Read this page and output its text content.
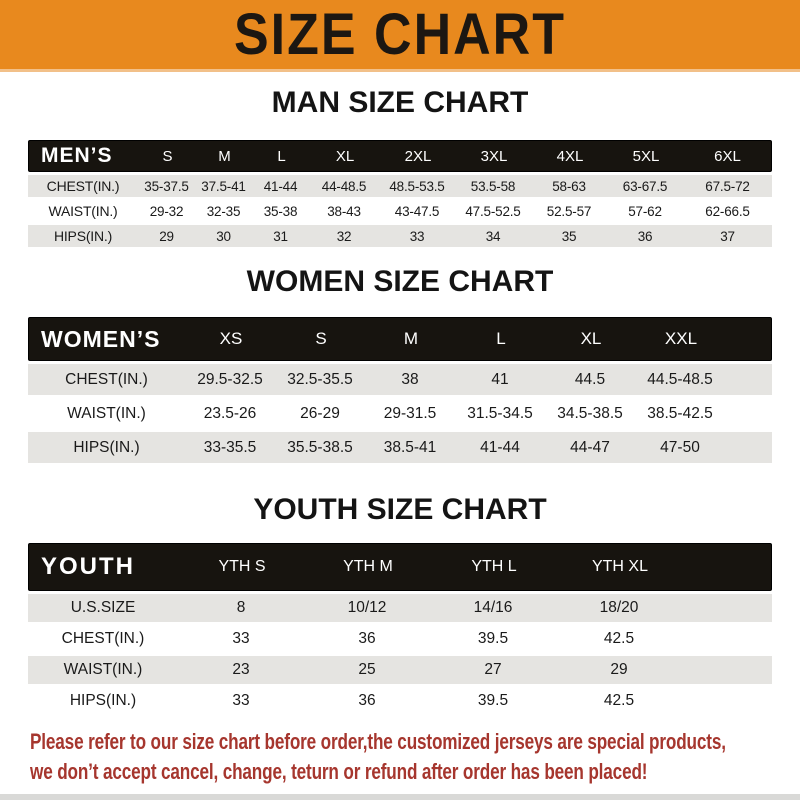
SIZE CHART
MAN SIZE CHART
MEN’S	S	M	L	XL	2XL	3XL	4XL	5XL	6XL
CHEST(IN.)	35-37.5 37.5-41	41-44	44-48.5	48.5-53.5	53.5-58	58-63	63-67.5	67.5-72
WAIST(IN.)	29-32	32-35	35-38	38-43	43-47.5	47.5-52.5	52.5-57	57-62	62-66.5
HIPS(IN.)	29	30	31	32	33	34	35	36	37
WOMEN SIZE CHART
WOMEN’S	XS	S	M	L	XL	XXL
CHEST(IN.)	29.5-32.5	32.5-35.5	38	41	44.5	44.5-48.5
WAIST(IN.)	23.5-26	26-29	29-31.5	31.5-34.5	34.5-38.5	38.5-42.5
HIPS(IN.)	33-35.5	35.5-38.5	38.5-41	41-44	44-47	47-50
YOUTH SIZE CHART
YOUTH	YTH S	YTH M	YTH L	YTH XL
U.S.SIZE	8	10/12	14/16	18/20
CHEST(IN.)	33	36	39.5	42.5
WAIST(IN.)	23	25	27	29
HIPS(IN.)	33	36	39.5	42.5
Please refer to our size chart before order,the customized jerseys are special products,
we don’t accept cancel, change, teturn or refund after order has been placed!
